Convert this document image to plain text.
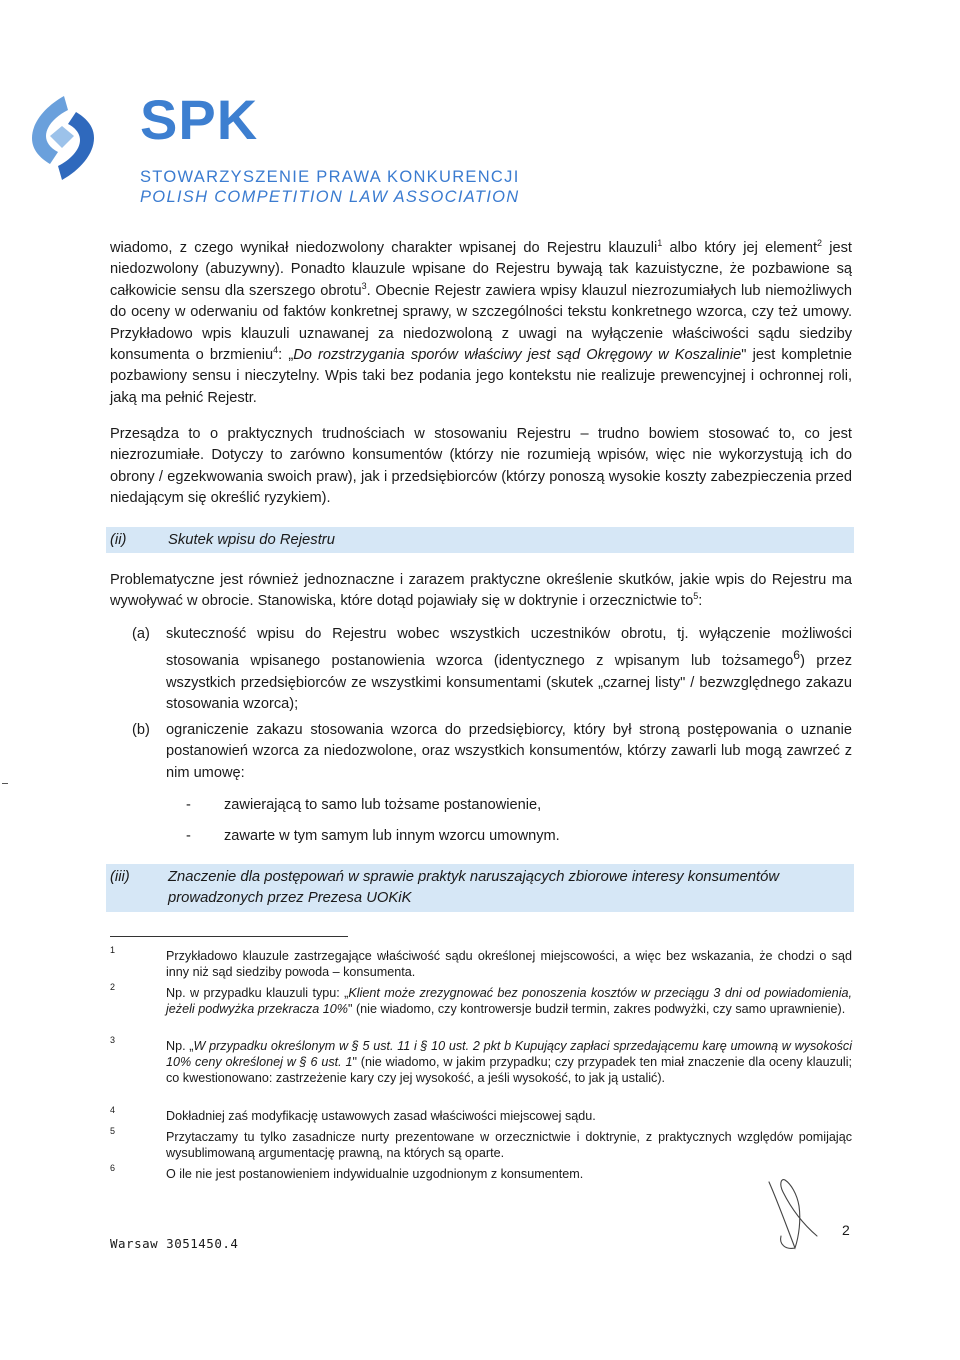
SPK
STOWARZYSZENIE PRAWA KONKURENCJI
POLISH COMPETITION LAW ASSOCIATION
wiadomo, z czego wynikał niedozwolony charakter wpisanej do Rejestru klauzuli$^1$ albo który jej element$^2$ jest niedozwolony (abuzywny). Ponadto klauzule wpisane do Rejestru bywają tak kazuistyczne, że pozbawione są całkowicie sensu dla szerszego obrotu$^3$. Obecnie Rejestr zawiera wpisy klauzul niezrozumiałych lub niemożliwych do oceny w oderwaniu od faktów konkretnej sprawy, w szczególności tekstu konkretnego wzorca, czy też umowy. Przykładowo wpis klauzuli uznawanej za niedozwoloną z uwagi na wyłączenie właściwości sądu siedziby konsumenta o brzmieniu$^4$: „Do rozstrzygania sporów właściwy jest sąd Okręgowy w Koszalinie" jest kompletnie pozbawiony sensu i nieczytelny. Wpis taki bez podania jego kontekstu nie realizuje prewencyjnej i ochronnej roli, jaką ma pełnić Rejestr.
Przesądza to o praktycznych trudnościach w stosowaniu Rejestru – trudno bowiem stosować to, co jest niezrozumiałe. Dotyczy to zarówno konsumentów (którzy nie rozumieją wpisów, więc nie wykorzystują ich do obrony / egzekwowania swoich praw), jak i przedsiębiorców (którzy ponoszą wysokie koszty zabezpieczenia przed niedającym się określić ryzykiem).
(ii)	Skutek wpisu do Rejestru
Problematyczne jest również jednoznaczne i zarazem praktyczne określenie skutków, jakie wpis do Rejestru ma wywoływać w obrocie. Stanowiska, które dotąd pojawiały się w doktrynie i orzecznictwie $to^5$:
(a) skuteczność wpisu do Rejestru wobec wszystkich uczestników obrotu, tj. wyłączenie możliwości stosowania wpisanego postanowienia wzorca (identycznego z wpisanym lub tożsamego$^6$) przez wszystkich przedsiębiorców ze wszystkimi konsumentami (skutek „czarnej listy" / bezwzględnego zakazu stosowania wzorca);
(b) ograniczenie zakazu stosowania wzorca do przedsiębiorcy, który był stroną postępowania o uznanie postanowień wzorca za niedozwolone, oraz wszystkich konsumentów, którzy zawarli lub mogą zawrzeć z nim umowę:
- zawierającą to samo lub tożsame postanowienie,
- zawarte w tym samym lub innym wzorcu umownym.
(iii)	Znaczenie dla postępowań w sprawie praktyk naruszających zbiorowe interesy konsumentów prowadzonych przez Prezesa UOKiK
1	Przykładowo klauzule zastrzegające właściwość sądu określonej miejscowości, a więc bez wskazania, że chodzi o sąd inny niż sąd siedziby powoda – konsumenta.
2	Np. w przypadku klauzuli typu: „Klient może zrezygnować bez ponoszenia kosztów w przeciągu 3 dni od powiadomienia, jeżeli podwyżka przekracza 10%" (nie wiadomo, czy kontrowersje budził termin, zakres podwyżki, czy samo uprawnienie).
3	Np. „W przypadku określonym w § 5 ust. 11 i § 10 ust. 2 pkt b Kupujący zapłaci sprzedającemu karę umowną w wysokości 10% ceny określonej w § 6 ust. 1" (nie wiadomo, w jakim przypadku; czy przypadek ten miał znaczenie dla oceny klauzuli; co kwestionowano: zastrzeżenie kary czy jej wysokość, a jeśli wysokość, to jak ją ustalić).
4	Dokładniej zaś modyfikację ustawowych zasad właściwości miejscowej sądu.
5	Przytaczamy tu tylko zasadnicze nurty prezentowane w orzecznictwie i doktrynie, z praktycznych względów pomijając wysublimowaną argumentację prawną, na których są oparte.
6	O ile nie jest postanowieniem indywidualnie uzgodnionym z konsumentem.
Warsaw 3051450.4
2
